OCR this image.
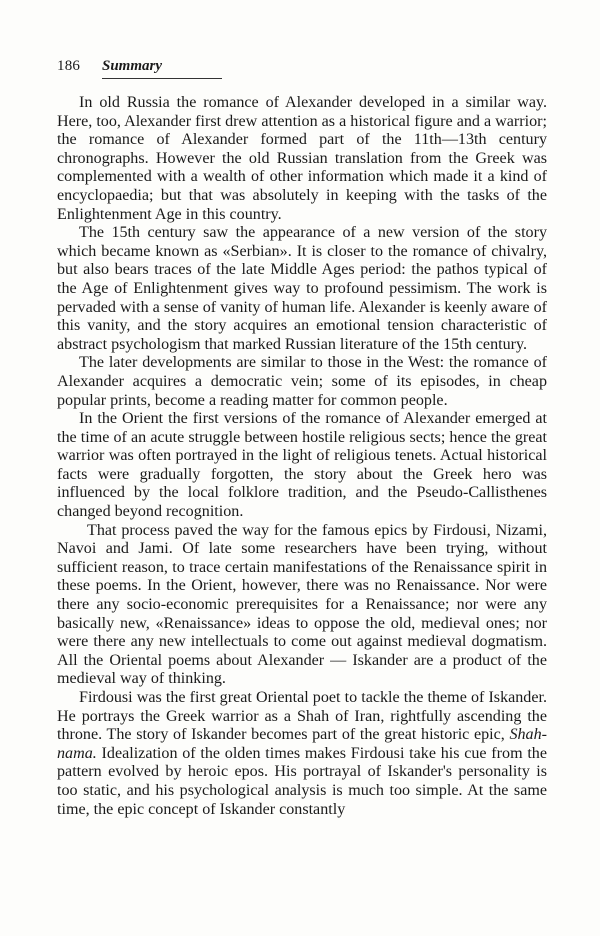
186 Summary

In old Russia the romance of Alexander developed in a similar way. Here, too, Alexander first drew attention as a historical figure and a warrior; the romance of Alexander formed part of the 11th—13th century chronographs. However the old Russian translation from the Greek was complemented with a wealth of other information which made it a kind of encyclopaedia; but that was absolutely in keeping with the tasks of the Enlightenment Age in this country.

The 15th century saw the appearance of a new version of the story which became known as «Serbian». It is closer to the romance of chivalry, but also bears traces of the late Middle Ages period: the pathos typical of the Age of Enlightenment gives way to profound pessimism. The work is pervaded with a sense of vanity of human life. Alexander is keenly aware of this vanity, and the story acquires an emotional tension characteristic of abstract psychologism that marked Russian literature of the 15th century.

The later developments are similar to those in the West: the romance of Alexander acquires a democratic vein; some of its episodes, in cheap popular prints, become a reading matter for common people.

In the Orient the first versions of the romance of Alexander emerged at the time of an acute struggle between hostile religious sects; hence the great warrior was often portrayed in the light of religious tenets. Actual historical facts were gradually forgotten, the story about the Greek hero was influenced by the local folklore tradition, and the Pseudo-Callisthenes changed beyond recognition.

That process paved the way for the famous epics by Firdousi, Nizami, Navoi and Jami. Of late some researchers have been trying, without sufficient reason, to trace certain manifestations of the Renaissance spirit in these poems. In the Orient, however, there was no Renaissance. Nor were there any socio-economic prerequisites for a Renaissance; nor were any basically new, «Renaissance» ideas to oppose the old, medieval ones; nor were there any new intellectuals to come out against medieval dogmatism. All the Oriental poems about Alexander — Iskander are a product of the medieval way of thinking.

Firdousi was the first great Oriental poet to tackle the theme of Iskander. He portrays the Greek warrior as a Shah of Iran, rightfully ascending the throne. The story of Iskander becomes part of the great historic epic, Shah-nama. Idealization of the olden times makes Firdousi take his cue from the pattern evolved by heroic epos. His portrayal of Iskander's personality is too static, and his psychological analysis is much too simple. At the same time, the epic concept of Iskander constantly
